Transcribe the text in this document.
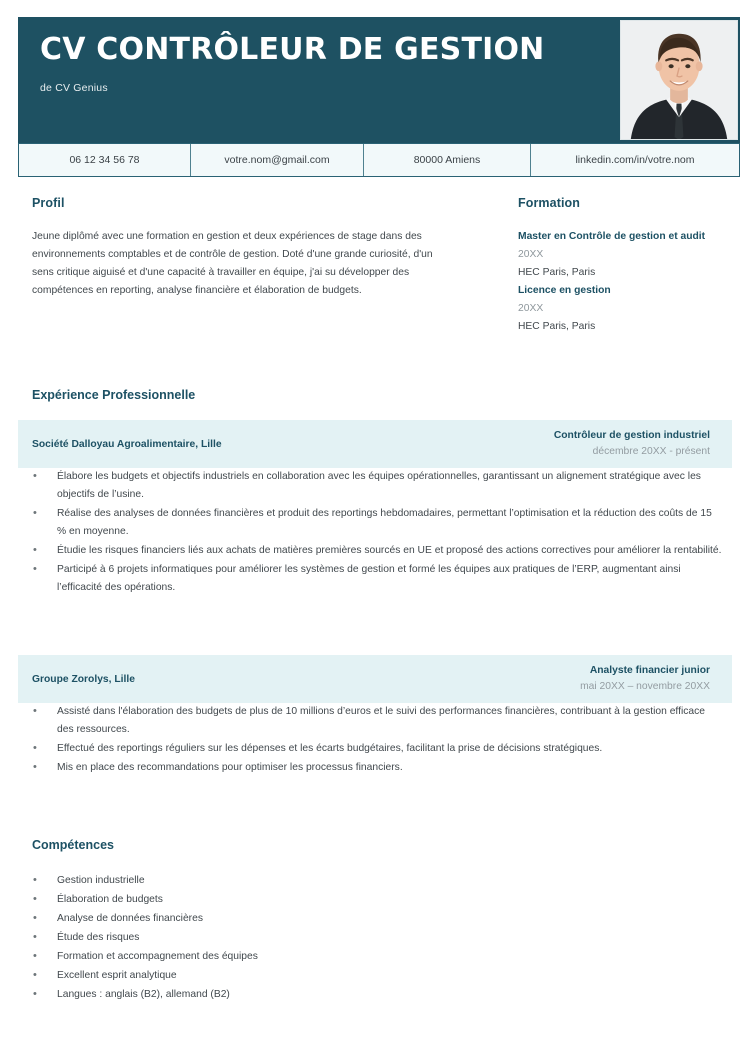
CV CONTRÔLEUR DE GESTION
de CV Genius
06 12 34 56 78	votre.nom@gmail.com	80000 Amiens	linkedin.com/in/votre.nom
Profil
Jeune diplômé avec une formation en gestion et deux expériences de stage dans des environnements comptables et de contrôle de gestion. Doté d'une grande curiosité, d'un sens critique aiguisé et d'une capacité à travailler en équipe, j'ai su développer des compétences en reporting, analyse financière et élaboration de budgets.
Formation
Master en Contrôle de gestion et audit
20XX
HEC Paris, Paris
Licence en gestion
20XX
HEC Paris, Paris
Expérience Professionnelle
Société Dalloyau Agroalimentaire, Lille
Contrôleur de gestion industriel
décembre 20XX - présent
• Élabore les budgets et objectifs industriels en collaboration avec les équipes opérationnelles, garantissant un alignement stratégique avec les objectifs de l’usine.
• Réalise des analyses de données financières et produit des reportings hebdomadaires, permettant l’optimisation et la réduction des coûts de 15 % en moyenne.
• Étudie les risques financiers liés aux achats de matières premières sourcés en UE et proposé des actions correctives pour améliorer la rentabilité.
• Participé à 6 projets informatiques pour améliorer les systèmes de gestion et formé les équipes aux pratiques de l’ERP, augmentant ainsi l’efficacité des opérations.
Groupe Zorolys, Lille
Analyste financier junior
mai 20XX – novembre 20XX
• Assisté dans l'élaboration des budgets de plus de 10 millions d’euros et le suivi des performances financières, contribuant à la gestion efficace des ressources.
• Effectué des reportings réguliers sur les dépenses et les écarts budgétaires, facilitant la prise de décisions stratégiques.
• Mis en place des recommandations pour optimiser les processus financiers.
Compétences
• Gestion industrielle
• Élaboration de budgets
• Analyse de données financières
• Étude des risques
• Formation et accompagnement des équipes
• Excellent esprit analytique
• Langues : anglais (B2), allemand (B2)
